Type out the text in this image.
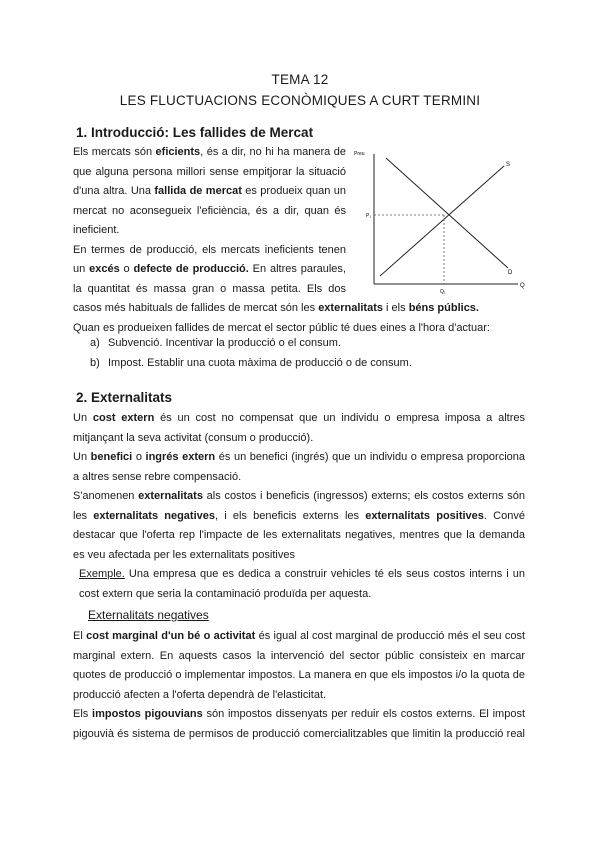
TEMA 12
LES FLUCTUACIONS ECONÒMIQUES A CURT TERMINI
1. Introducció: Les fallides de Mercat
Els mercats són eficients, és a dir, no hi ha manera de
que alguna persona millori sense empitjorar la situació
d'una altra. Una fallida de mercat es produeix quan un
mercat no aconsegueix l'eficiència, és a dir, quan és
ineficient.
En termes de producció, els mercats ineficients tenen
un excés o defecte de producció. En altres paraules,
la quantitat és massa gran o massa petita. Els dos
casos més habituals de fallides de mercat són les externalitats i els béns públics.
Quan es produeixen fallides de mercat el sector públic té dues eines a l'hora d'actuar:
a) Subvenció. Incentivar la producció o el consum.
b) Impost. Establir una cuota màxima de producció o de consum.
Preu
Q
S
D
P₁
Q₁
2. Externalitats
Un cost extern és un cost no compensat que un individu o empresa imposa a altres
mitjançant la seva activitat (consum o producció).
Un benefici o ingrés extern és un benefici (ingrés) que un individu o empresa proporciona
a altres sense rebre compensació.
S'anomenen externalitats als costos i beneficis (ingressos) externs; els costos externs són
les externalitats negatives, i els beneficis externs les externalitats positives. Convé
destacar que l'oferta rep l'impacte de les externalitats negatives, mentres que la demanda
es veu afectada per les externalitats positives
Exemple. Una empresa que es dedica a construir vehicles té els seus costos interns i un
cost extern que seria la contaminació produïda per aquesta.
Externalitats negatives
El cost marginal d'un bé o activitat és igual al cost marginal de producció més el seu cost
marginal extern. En aquests casos la intervenció del sector públic consisteix en marcar
quotes de producció o implementar impostos. La manera en que els impostos i/o la quota de
producció afecten a l'oferta dependrà de l'elasticitat.
Els impostos pigouvians són impostos dissenyats per reduir els costos externs. El impost
pigouvià és sistema de permisos de producció comercialitzables que limitin la producció real
